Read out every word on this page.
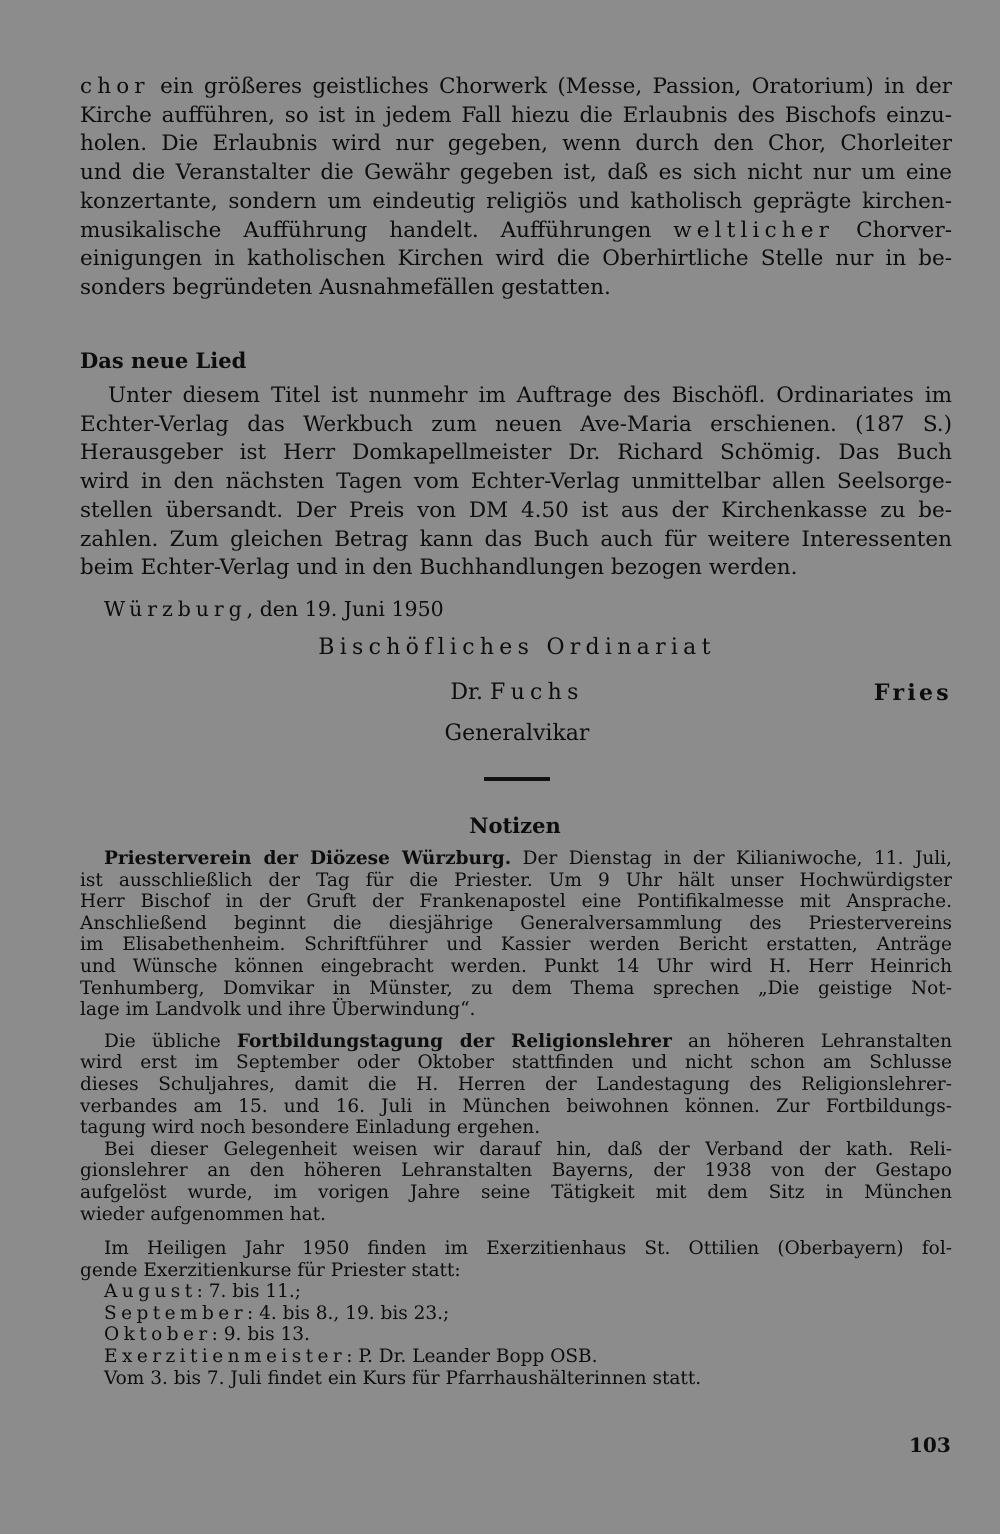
chor ein größeres geistliches Chorwerk (Messe, Passion, Oratorium) in der
Kirche aufführen, so ist in jedem Fall hiezu die Erlaubnis des Bischofs einzu-
holen. Die Erlaubnis wird nur gegeben, wenn durch den Chor, Chorleiter
und die Veranstalter die Gewähr gegeben ist, daß es sich nicht nur um eine
konzertante, sondern um eindeutig religiös und katholisch geprägte kirchen-
musikalische Aufführung handelt. Aufführungen weltlicher Chorver-
einigungen in katholischen Kirchen wird die Oberhirtliche Stelle nur in be-
sonders begründeten Ausnahmefällen gestatten.
Das neue Lied
Unter diesem Titel ist nunmehr im Auftrage des Bischöfl. Ordinariates im
Echter-Verlag das Werkbuch zum neuen Ave-Maria erschienen. (187 S.)
Herausgeber ist Herr Domkapellmeister Dr. Richard Schömig. Das Buch
wird in den nächsten Tagen vom Echter-Verlag unmittelbar allen Seelsorge-
stellen übersandt. Der Preis von DM 4.50 ist aus der Kirchenkasse zu be-
zahlen. Zum gleichen Betrag kann das Buch auch für weitere Interessenten
beim Echter-Verlag und in den Buchhandlungen bezogen werden.
Würzburg, den 19. Juni 1950
Bischöfliches Ordinariat
Dr. Fuchs	Fries
Generalvikar
Notizen
Priesterverein der Diözese Würzburg. Der Dienstag in der Kilianiwoche, 11. Juli,
ist ausschließlich der Tag für die Priester. Um 9 Uhr hält unser Hochwürdigster
Herr Bischof in der Gruft der Frankenapostel eine Pontifikalmesse mit Ansprache.
Anschließend beginnt die diesjährige Generalversammlung des Priestervereins
im Elisabethenheim. Schriftführer und Kassier werden Bericht erstatten, Anträge
und Wünsche können eingebracht werden. Punkt 14 Uhr wird H. Herr Heinrich
Tenhumberg, Domvikar in Münster, zu dem Thema sprechen „Die geistige Not-
lage im Landvolk und ihre Überwindung“.
Die übliche Fortbildungstagung der Religionslehrer an höheren Lehranstalten
wird erst im September oder Oktober stattfinden und nicht schon am Schlusse
dieses Schuljahres, damit die H. Herren der Landestagung des Religionslehrer-
verbandes am 15. und 16. Juli in München beiwohnen können. Zur Fortbildungs-
tagung wird noch besondere Einladung ergehen.
Bei dieser Gelegenheit weisen wir darauf hin, daß der Verband der kath. Reli-
gionslehrer an den höheren Lehranstalten Bayerns, der 1938 von der Gestapo
aufgelöst wurde, im vorigen Jahre seine Tätigkeit mit dem Sitz in München
wieder aufgenommen hat.
Im Heiligen Jahr 1950 finden im Exerzitienhaus St. Ottilien (Oberbayern) fol-
gende Exerzitienkurse für Priester statt:
August: 7. bis 11.;
September: 4. bis 8., 19. bis 23.;
Oktober: 9. bis 13.
Exerzitienmeister: P. Dr. Leander Bopp OSB.
Vom 3. bis 7. Juli findet ein Kurs für Pfarrhaushälterinnen statt.
103
